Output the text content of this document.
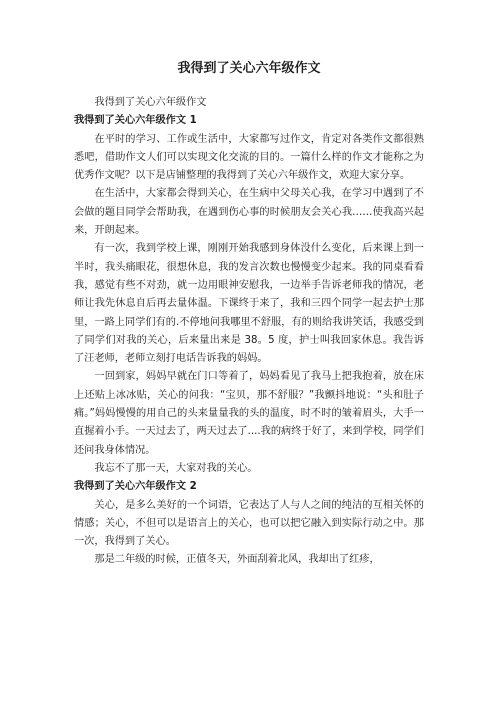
我得到了关心六年级作文

我得到了关心六年级作文

我得到了关心六年级作文 1

在平时的学习、工作或生活中，大家都写过作文，肯定对各类作文都很熟悉吧，借助作文人们可以实现文化交流的目的。一篇什么样的作文才能称之为优秀作文呢？以下是店铺整理的我得到了关心六年级作文，欢迎大家分享。

在生活中，大家都会得到关心，在生病中父母关心我，在学习中遇到了不会做的题目同学会帮助我，在遇到伤心事的时候朋友会关心我……使我高兴起来，开朗起来。

有一次，我到学校上课，刚刚开始我感到身体没什么变化，后来课上到一半时，我头痛眼花，很想休息，我的发言次数也慢慢变少起来。我的同桌看看我，感觉有些不对劲，就一边用眼神安慰我，一边举手告诉老师我的情况，老师让我先休息自后再去量体温。下课终于来了，我和三四个同学一起去护士那里，一路上同学们有的.不停地问我哪里不舒服，有的则给我讲笑话，我感受到了同学们对我的关心，后来量出来是 38。5 度，护士叫我回家休息。我告诉了汪老师，老师立刻打电话告诉我的妈妈。

一回到家，妈妈早就在门口等着了，妈妈看见了我马上把我抱着，放在床上还贴上冰冰贴，关心的问我：“宝贝，那不舒服？”我颤抖地说：“头和肚子痛。”妈妈慢慢的用自己的头来量量我的头的温度，时不时的皱着眉头，大手一直握着小手。一天过去了，两天过去了....我的病终于好了，来到学校，同学们还问我身体情况。

我忘不了那一天，大家对我的关心。

我得到了关心六年级作文 2

关心，是多么美好的一个词语，它表达了人与人之间的纯洁的互相关怀的情感；关心，不但可以是语言上的关心，也可以把它融入到实际行动之中。那一次，我得到了关心。

那是二年级的时候，正值冬天，外面刮着北风，我却出了红疹，
